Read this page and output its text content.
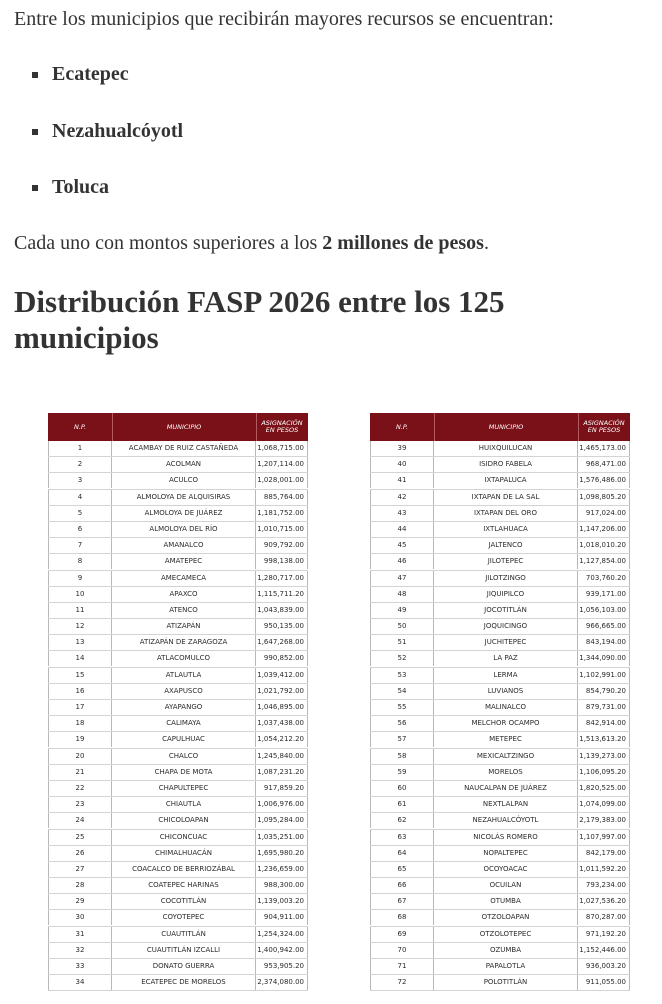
Entre los municipios que recibirán mayores recursos se encuentran:

Ecatepec
Nezahualcóyotl
Toluca

Cada uno con montos superiores a los 2 millones de pesos.

Distribución FASP 2026 entre los 125 municipios
N.P.	MUNICIPIO	ASIGNACIÓN EN PESOS
1	ACAMBAY DE RUIZ CASTAÑEDA	1,068,715.00
2	ACOLMAN	1,207,114.00
3	ACULCO	1,028,001.00
4	ALMOLOYA DE ALQUISIRAS	885,764.00
5	ALMOLOYA DE JUÁREZ	1,181,752.00
6	ALMOLOYA DEL RÍO	1,010,715.00
7	AMANALCO	909,792.00
8	AMATEPEC	998,138.00
9	AMECAMECA	1,280,717.00
10	APAXCO	1,115,711.20
11	ATENCO	1,043,839.00
12	ATIZAPÁN	950,135.00
13	ATIZAPÁN DE ZARAGOZA	1,647,268.00
14	ATLACOMULCO	990,852.00
15	ATLAUTLA	1,039,412.00
16	AXAPUSCO	1,021,792.00
17	AYAPANGO	1,046,895.00
18	CALIMAYA	1,037,438.00
19	CAPULHUAC	1,054,212.20
20	CHALCO	1,245,840.00
21	CHAPA DE MOTA	1,087,231.20
22	CHAPULTEPEC	917,859.20
23	CHIAUTLA	1,006,976.00
24	CHICOLOAPAN	1,095,284.00
25	CHICONCUAC	1,035,251.00
26	CHIMALHUACÁN	1,695,980.20
27	COACALCO DE BERRIOZÁBAL	1,236,659.00
28	COATEPEC HARINAS	988,300.00
29	COCOTITLÁN	1,139,003.20
30	COYOTEPEC	904,911.00
31	CUAUTITLÁN	1,254,324.00
32	CUAUTITLÁN IZCALLI	1,400,942.00
33	DONATO GUERRA	953,905.20
34	ECATEPEC DE MORELOS	2,374,080.00
N.P.	MUNICIPIO	ASIGNACIÓN EN PESOS
39	HUIXQUILUCAN	1,465,173.00
40	ISIDRO FABELA	968,471.00
41	IXTAPALUCA	1,576,486.00
42	IXTAPAN DE LA SAL	1,098,805.20
43	IXTAPAN DEL ORO	917,024.00
44	IXTLAHUACA	1,147,206.00
45	JALTENCO	1,018,010.20
46	JILOTEPEC	1,127,854.00
47	JILOTZINGO	703,760.20
48	JIQUIPILCO	939,171.00
49	JOCOTITLÁN	1,056,103.00
50	JOQUICINGO	966,665.00
51	JUCHITEPEC	843,194.00
52	LA PAZ	1,344,090.00
53	LERMA	1,102,991.00
54	LUVIANOS	854,790.20
55	MALINALCO	879,731.00
56	MELCHOR OCAMPO	842,914.00
57	METEPEC	1,513,613.20
58	MEXICALTZINGO	1,139,273.00
59	MORELOS	1,106,095.20
60	NAUCALPAN DE JUÁREZ	1,820,525.00
61	NEXTLALPAN	1,074,099.00
62	NEZAHUALCÓYOTL	2,179,383.00
63	NICOLÁS ROMERO	1,107,997.00
64	NOPALTEPEC	842,179.00
65	OCOYOACAC	1,011,592.20
66	OCUILAN	793,234.00
67	OTUMBA	1,027,536.20
68	OTZOLOAPAN	870,287.00
69	OTZOLOTEPEC	971,192.20
70	OZUMBA	1,152,446.00
71	PAPALOTLA	936,003.20
72	POLOTITLÁN	911,055.00
